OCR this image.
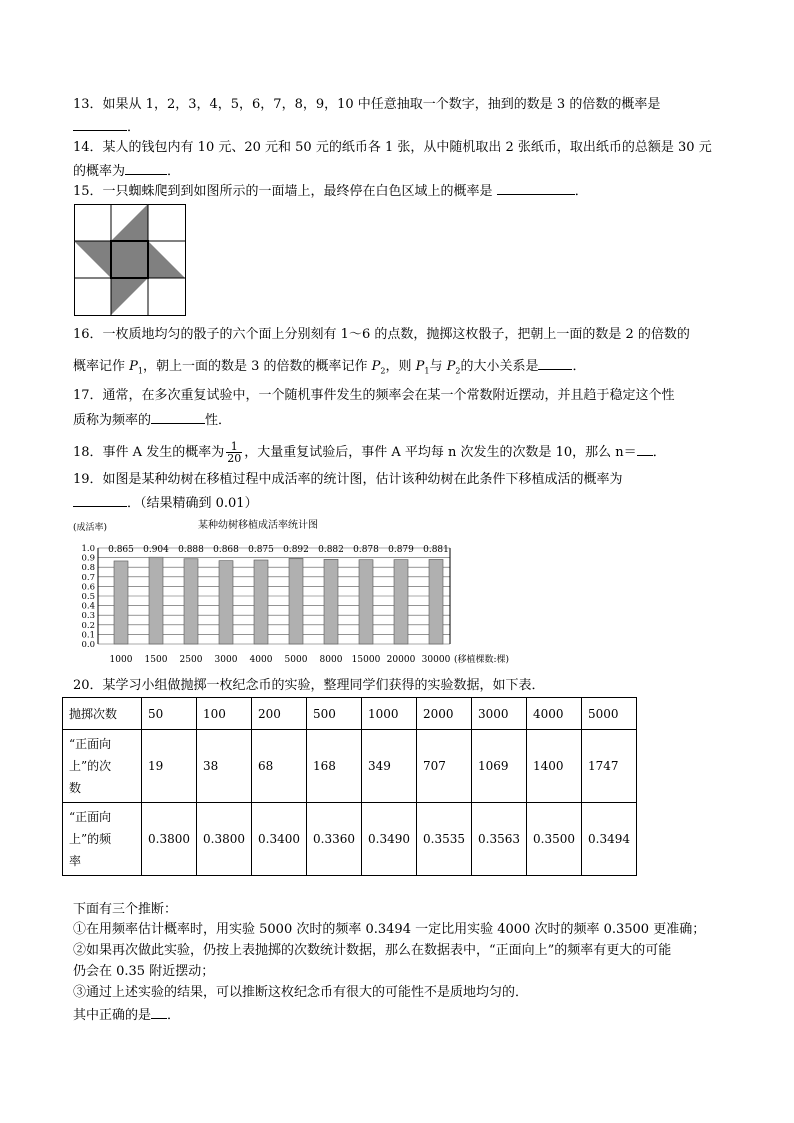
13．如果从 1，2，3，4，5，6，7，8，9，10 中任意抽取一个数字，抽到的数是 3 的倍数的概率是
．
14．某人的钱包内有 10 元、20 元和 50 元的纸币各 1 张，从中随机取出 2 张纸币，取出纸币的总额是 30 元
的概率为	．
15．一只蜘蛛爬到到如图所示的一面墙上，最终停在白色区域上的概率是	．
16．一枚质地均匀的骰子的六个面上分别刻有 1～6 的点数，抛掷这枚骰子，把朝上一面的数是 2 的倍数的
概率记作 $P_1$，朝上一面的数是 3 的倍数的概率记作 $P_2$，则 $P_1$与 $P_2$的大小关系是	．
17．通常，在多次重复试验中，一个随机事件发生的频率会在某一个常数附近摆动，并且趋于稳定这个性
质称为频率的	性．
18．事件 A 发生的概率为 $\frac{1}{20}$ ，大量重复试验后，事件 A 平均每 n 次发生的次数是 10，那么 n＝ ．
19．如图是某种幼树在移植过程中成活率的统计图，估计该种幼树在此条件下移植成活的概率为
．（结果精确到 0.01）
(成活率)	某种幼树移植成活率统计图
1.0
0.9
0.8
0.7
0.6
0.5
0.4
0.3
0.2
0.1
0.0
0.865 0.904 0.888 0.868 0.875 0.892 0.882 0.878 0.879 0.881
1000 1500 2500 3000 4000 5000 8000 15000 20000 30000 (移植棵数:棵)
20．某学习小组做抛掷一枚纪念币的实验，整理同学们获得的实验数据，如下表．
抛掷次数	50	100	200	500	1000	2000	3000	4000	5000
“正面向
上”的次
数	19	38	68	168	349	707	1069	1400	1747
“正面向
上”的频
率	0.3800	0.3800	0.3400	0.3360	0.3490	0.3535	0.3563	0.3500	0.3494
下面有三个推断：
①在用频率估计概率时，用实验 5000 次时的频率 0.3494 一定比用实验 4000 次时的频率 0.3500 更准确；
②如果再次做此实验，仍按上表抛掷的次数统计数据，那么在数据表中，“正面向上”的频率有更大的可能
仍会在 0.35 附近摆动；
③通过上述实验的结果，可以推断这枚纪念币有很大的可能性不是质地均匀的．
其中正确的是 ．
